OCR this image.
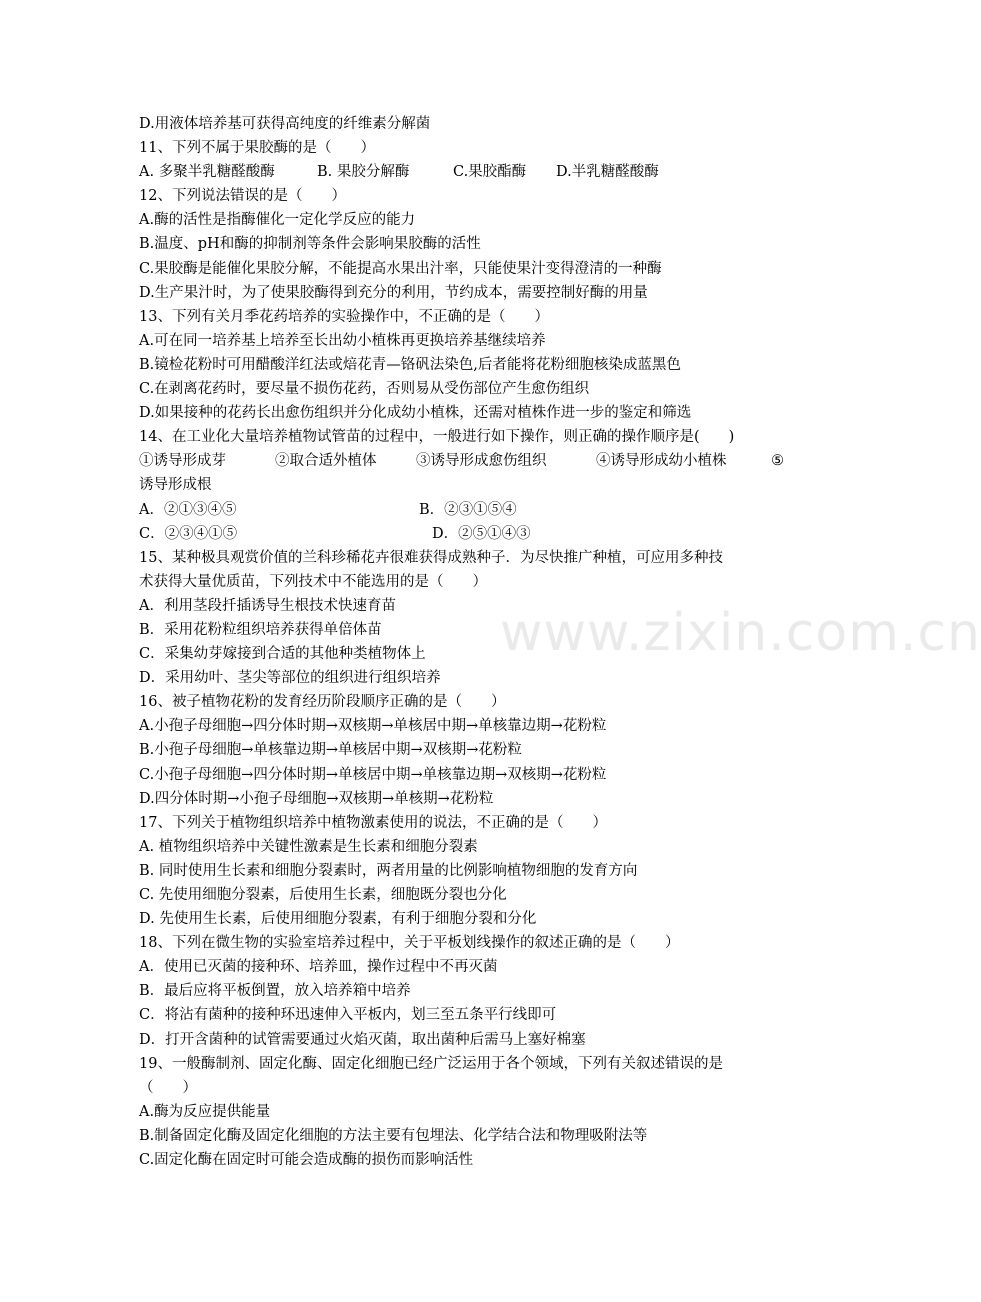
D.用液体培养基可获得高纯度的纤维素分解菌
11、下列不属于果胶酶的是（　　）
A. 多聚半乳糖醛酸酶	B. 果胶分解酶	C.果胶酯酶	D.半乳糖醛酸酶
12、下列说法错误的是（　　）
A.酶的活性是指酶催化一定化学反应的能力
B.温度、pH和酶的抑制剂等条件会影响果胶酶的活性
C.果胶酶是能催化果胶分解，不能提高水果出汁率，只能使果汁变得澄清的一种酶
D.生产果汁时，为了使果胶酶得到充分的利用，节约成本，需要控制好酶的用量
13、下列有关月季花药培养的实验操作中，不正确的是（　　）
A.可在同一培养基上培养至长出幼小植株再更换培养基继续培养
B.镜检花粉时可用醋酸洋红法或焙花青—铬矾法染色,后者能将花粉细胞核染成蓝黑色
C.在剥离花药时，要尽量不损伤花药，否则易从受伤部位产生愈伤组织
D.如果接种的花药长出愈伤组织并分化成幼小植株，还需对植株作进一步的鉴定和筛选
14、在工业化大量培养植物试管苗的过程中，一般进行如下操作，则正确的操作顺序是(　　)
①诱导形成芽	②取合适外植体	③诱导形成愈伤组织	④诱导形成幼小植株	⑤
诱导形成根
A．②①③④⑤	B．②③①⑤④
C．②③④①⑤	D．②⑤①④③
15、某种极具观赏价值的兰科珍稀花卉很难获得成熟种子．为尽快推广种植，可应用多种技
术获得大量优质苗，下列技术中不能选用的是（　　）
A．利用茎段扦插诱导生根技术快速育苗
B．采用花粉粒组织培养获得单倍体苗
C．采集幼芽嫁接到合适的其他种类植物体上
D．采用幼叶、茎尖等部位的组织进行组织培养
16、被子植物花粉的发育经历阶段顺序正确的是（　　）
A.小孢子母细胞→四分体时期→双核期→单核居中期→单核靠边期→花粉粒
B.小孢子母细胞→单核靠边期→单核居中期→双核期→花粉粒
C.小孢子母细胞→四分体时期→单核居中期→单核靠边期→双核期→花粉粒
D.四分体时期→小孢子母细胞→双核期→单核期→花粉粒
17、下列关于植物组织培养中植物激素使用的说法，不正确的是（　　）
A. 植物组织培养中关键性激素是生长素和细胞分裂素
B. 同时使用生长素和细胞分裂素时，两者用量的比例影响植物细胞的发育方向
C. 先使用细胞分裂素，后使用生长素，细胞既分裂也分化
D. 先使用生长素，后使用细胞分裂素，有利于细胞分裂和分化
18、下列在微生物的实验室培养过程中，关于平板划线操作的叙述正确的是（　　）
A．使用已灭菌的接种环、培养皿，操作过程中不再灭菌
B．最后应将平板倒置，放入培养箱中培养
C．将沾有菌种的接种环迅速伸入平板内，划三至五条平行线即可
D．打开含菌种的试管需要通过火焰灭菌，取出菌种后需马上塞好棉塞
19、一般酶制剂、固定化酶、固定化细胞已经广泛运用于各个领域，下列有关叙述错误的是
（　　）
A.酶为反应提供能量
B.制备固定化酶及固定化细胞的方法主要有包埋法、化学结合法和物理吸附法等
C.固定化酶在固定时可能会造成酶的损伤而影响活性
www.zixin.com.cn
